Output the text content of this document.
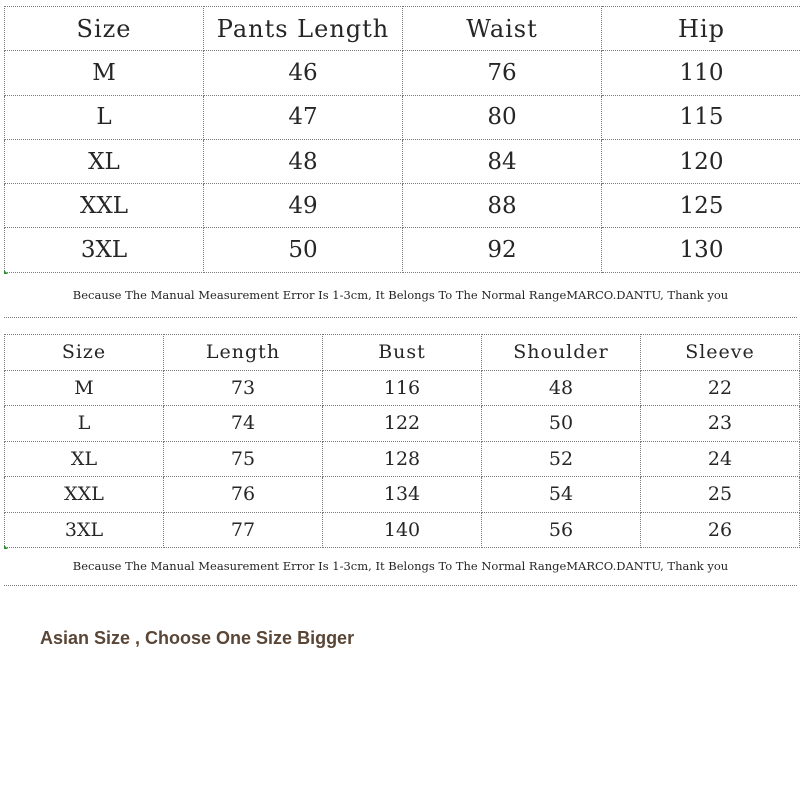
Size	Pants Length	Waist	Hip
M	46	76	110
L	47	80	115
XL	48	84	120
XXL	49	88	125
3XL	50	92	130
Because The Manual Measurement Error Is 1-3cm, It Belongs To The Normal RangeMARCO.DANTU, Thank you
Size	Length	Bust	Shoulder	Sleeve
M	73	116	48	22
L	74	122	50	23
XL	75	128	52	24
XXL	76	134	54	25
3XL	77	140	56	26
Because The Manual Measurement Error Is 1-3cm, It Belongs To The Normal RangeMARCO.DANTU, Thank you
Asian Size , Choose One Size Bigger
